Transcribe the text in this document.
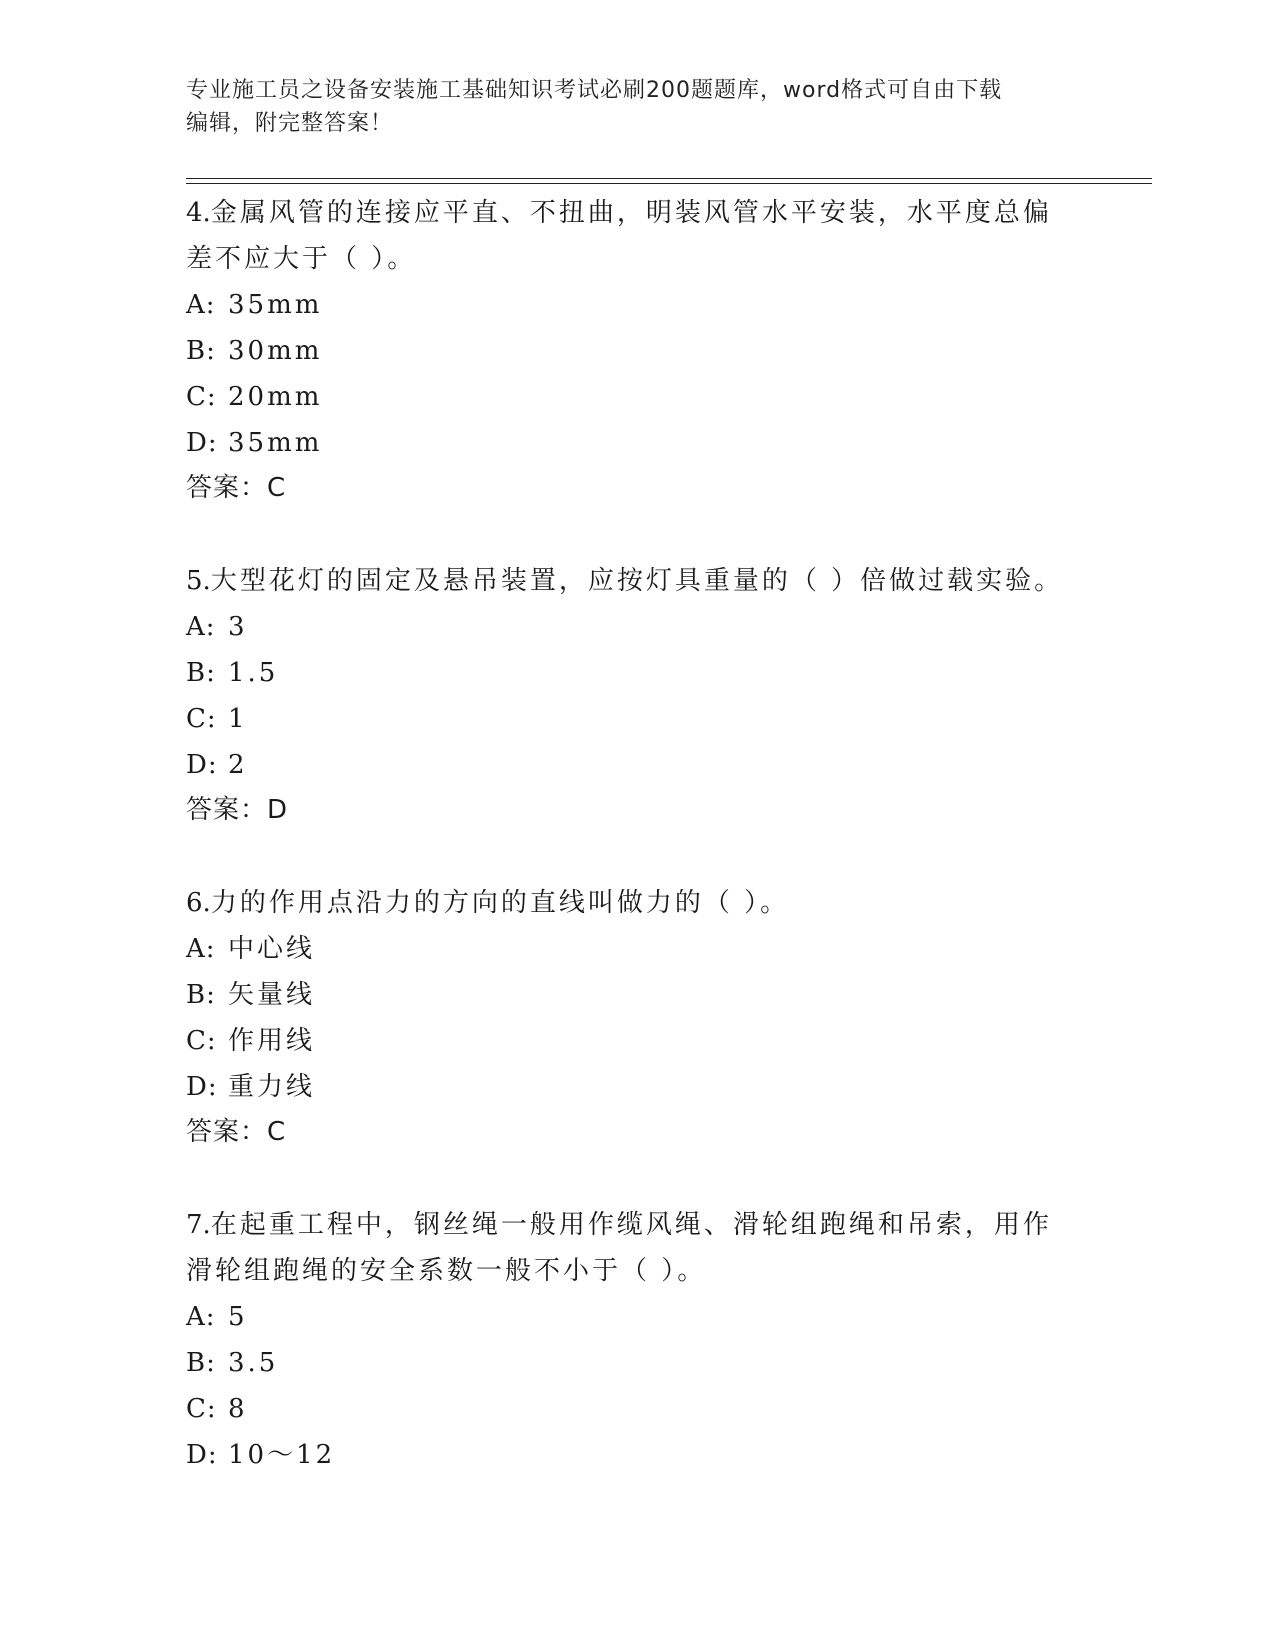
专业施工员之设备安装施工基础知识考试必刷200题题库，word格式可自由下载
编辑，附完整答案！
4.金属风管的连接应平直、不扭曲，明装风管水平安装，水平度总偏
差不应大于（ ）。
A: 35mm
B: 30mm
C: 20mm
D: 35mm
答案：C
5.大型花灯的固定及悬吊装置，应按灯具重量的（ ）倍做过载实验。
A: 3
B: 1.5
C: 1
D: 2
答案：D
6.力的作用点沿力的方向的直线叫做力的（ ）。
A: 中心线
B: 矢量线
C: 作用线
D: 重力线
答案：C
7.在起重工程中，钢丝绳一般用作缆风绳、滑轮组跑绳和吊索，用作
滑轮组跑绳的安全系数一般不小于（ ）。
A: 5
B: 3.5
C: 8
D: 10～12
